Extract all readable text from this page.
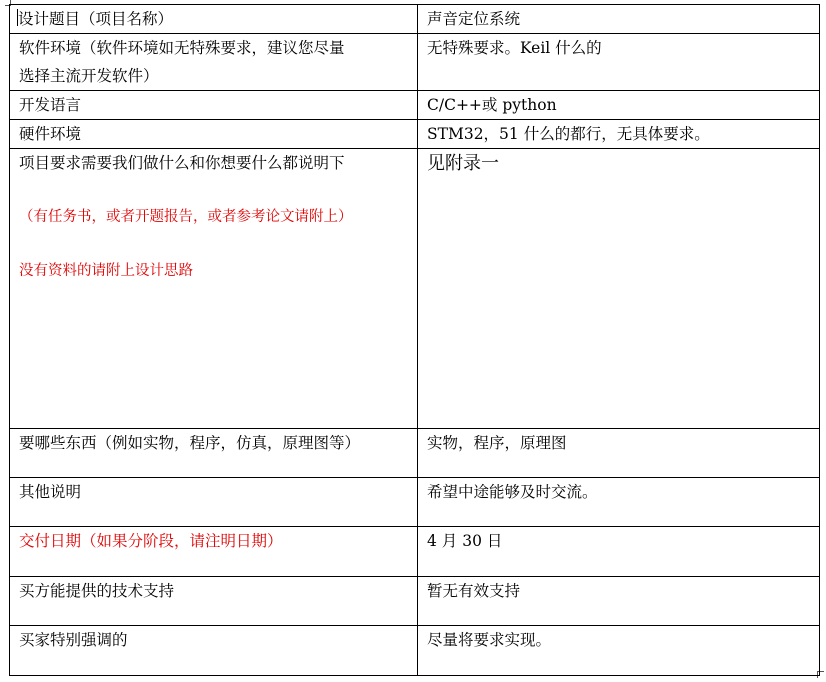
设计题目（项目名称）	声音定位系统

软件环境（软件环境如无特殊要求，建议您尽量
选择主流开发软件）	无特殊要求。Keil 什么的
开发语言	C/C++或 python
硬件环境	STM32，51 什么的都行，无具体要求。

项目要求需要我们做什么和你想要什么都说明下
（有任务书，或者开题报告，或者参考论文请附上）
没有资料的请附上设计思路	见附录一
要哪些东西（例如实物，程序，仿真，原理图等）	实物，程序，原理图
其他说明	希望中途能够及时交流。
交付日期（如果分阶段，请注明日期）	4 月 30 日
买方能提供的技术支持	暂无有效支持
买家特别强调的	尽量将要求实现。
